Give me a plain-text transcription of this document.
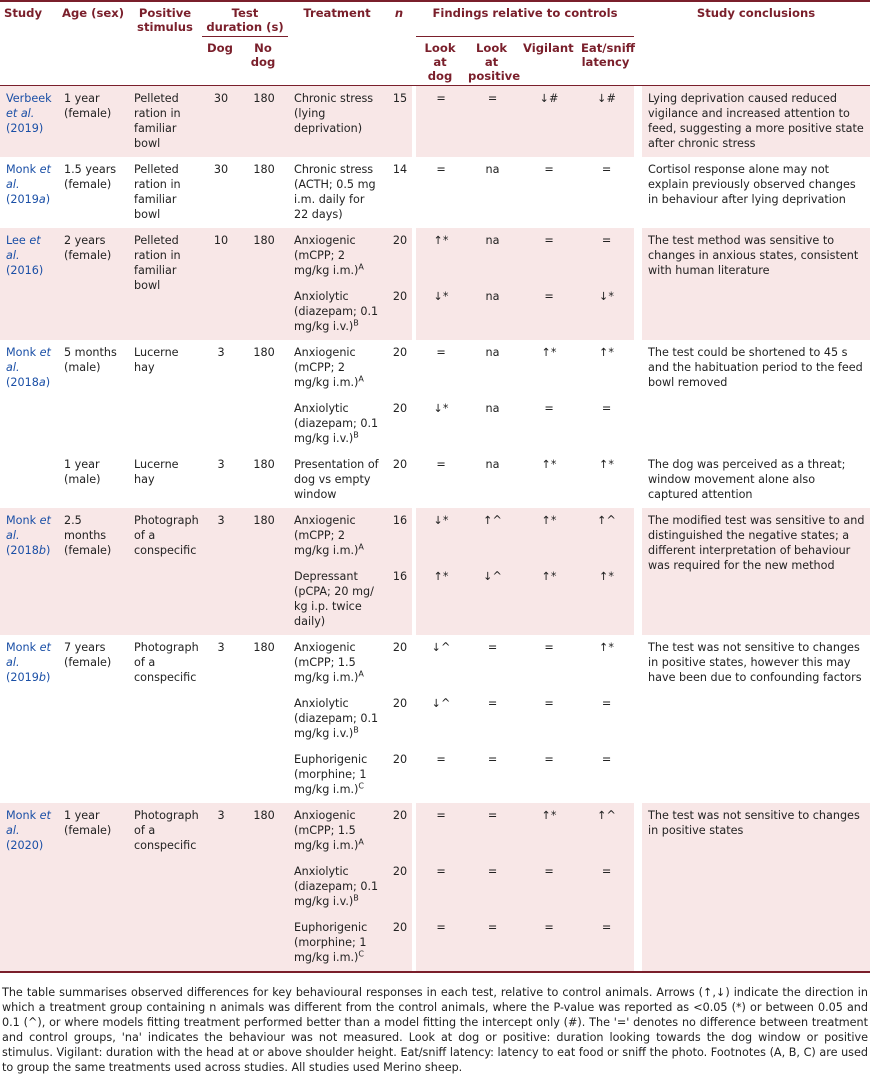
Study	Age (sex)	Positive stimulus	Test duration (s)		Treatment	n		Findings relative to controls					Study conclusions
			Dog	No dog				Look at dog	Look at positive	Vigilant	Eat/sniff latency		
Verbeek et al. (2019)	1 year (female)	Pelleted ration in familiar bowl	30	180	Chronic stress (lying deprivation)	15		=	=	↓#	↓#		Lying deprivation caused reduced vigilance and increased attention to feed, suggesting a more positive state after chronic stress
Monk et al. (2019a)	1.5 years (female)	Pelleted ration in familiar bowl	30	180	Chronic stress (ACTH; 0.5 mg i.m. daily for 22 days)	14		=	na	=	=		Cortisol response alone may not explain previously observed changes in behaviour after lying deprivation
Lee et al. (2016)	2 years (female)	Pelleted ration in familiar bowl	10	180	Anxiogenic (mCPP; 2 mg/kg i.m.)$^A$	20		↑*	na	=	=		The test method was sensitive to changes in anxious states, consistent with human literature
					Anxiolytic (diazepam; 0.1 mg/kg i.v.)$^B$	20		↓*	na	=	↓*		
Monk et al. (2018a)	5 months (male)	Lucerne hay	3	180	Anxiogenic (mCPP; 2 mg/kg i.m.)$^A$	20		=	na	↑*	↑*		The test could be shortened to 45 s and the habituation period to the feed bowl removed
					Anxiolytic (diazepam; 0.1 mg/kg i.v.)$^B$	20		↓*	na	=	=		
	1 year (male)	Lucerne hay	3	180	Presentation of dog vs empty window	20		=	na	↑*	↑*		The dog was perceived as a threat; window movement alone also captured attention
Monk et al. (2018b)	2.5 months (female)	Photograph of a conspecific	3	180	Anxiogenic (mCPP; 2 mg/kg i.m.)$^A$	16		↓*	↑^	↑*	↑^		The modified test was sensitive to and distinguished the negative states; a different interpretation of behaviour was required for the new method
					Depressant (pCPA; 20 mg/ kg i.p. twice daily)	16		↑*	↓^	↑*	↑*		
Monk et al. (2019b)	7 years (female)	Photograph of a conspecific	3	180	Anxiogenic (mCPP; 1.5 mg/kg i.m.)$^A$	20		↓^	=	=	↑*		The test was not sensitive to changes in positive states, however this may have been due to confounding factors
					Anxiolytic (diazepam; 0.1 mg/kg i.v.)$^B$	20		↓^	=	=	=		
					Euphorigenic (morphine; 1 mg/kg i.m.)$^C$	20		=	=	=	=		
Monk et al. (2020)	1 year (female)	Photograph of a conspecific	3	180	Anxiogenic (mCPP; 1.5 mg/kg i.m.)$^A$	20		=	=	↑*	↑^		The test was not sensitive to changes in positive states
					Anxiolytic (diazepam; 0.1 mg/kg i.v.)$^B$	20		=	=	=	=		
					Euphorigenic (morphine; 1 mg/kg i.m.)$^C$	20		=	=	=	=		
The table summarises observed differences for key behavioural responses in each test, relative to control animals. Arrows (↑,↓) indicate the direction in which a treatment group containing n animals was different from the control animals, where the P-value was reported as <0.05 (*) or between 0.05 and 0.1 (^), or where models fitting treatment performed better than a model fitting the intercept only (#). The '=' denotes no difference between treatment and control groups, 'na' indicates the behaviour was not measured. Look at dog or positive: duration looking towards the dog window or positive stimulus. Vigilant: duration with the head at or above shoulder height. Eat/sniff latency: latency to eat food or sniff the photo. Footnotes (A, B, C) are used to group the same treatments used across studies. All studies used Merino sheep.
